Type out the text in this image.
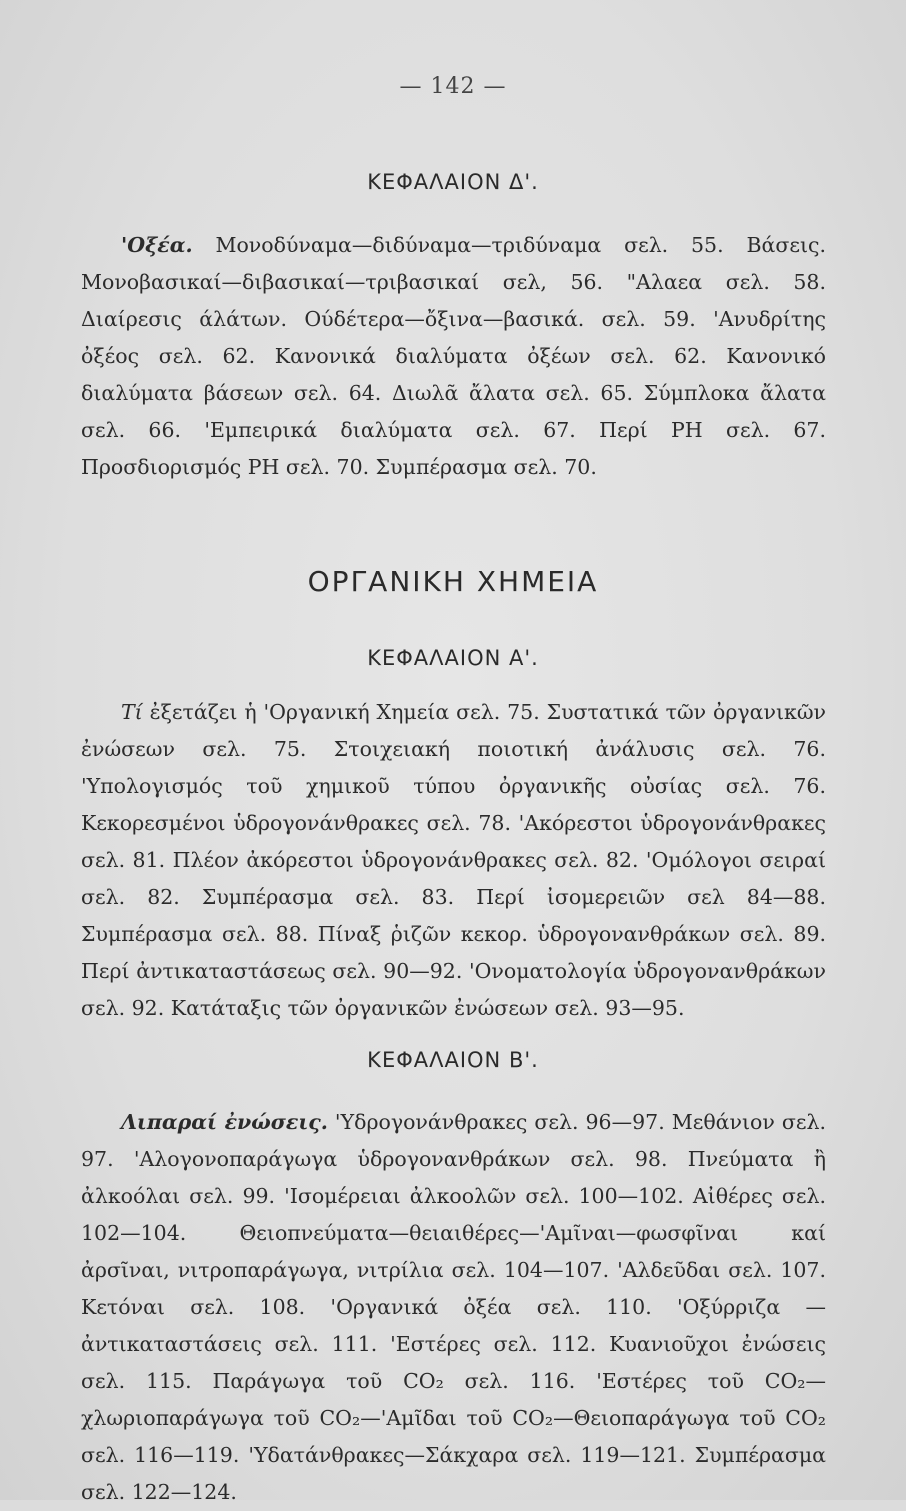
— 142 —
ΚΕΦΑΛΑΙΟΝ Δ'.

'Οξέα. Μονοδύναμα—διδύναμα—τριδύναμα σελ. 55. Βάσεις. Μονοβασικαί—διβασικαί—τριβασικαί σελ, 56. "Αλαεα σελ. 58. Διαίρεσις άλάτων. Ούδέτερα—ὄξινα—βασικά. σελ. 59. 'Ανυδρίτης ὀξέος σελ. 62. Κανονικά διαλύματα ὀξέων σελ. 62. Κανονικό διαλύματα βάσεων σελ. 64. Διωλᾶ ἄλατα σελ. 65. Σύμπλοκα ἄλατα σελ. 66. 'Εμπειρικά διαλύματα σελ. 67. Περί PH σελ. 67. Προσδιορισμός PH σελ. 70. Συμπέρασμα σελ. 70.

ΟΡΓΑΝΙΚΗ ΧΗΜΕΙΑ
ΚΕΦΑΛΑΙΟΝ Α'.

Τί ἐξετάζει ἡ 'Οργανική Χημεία σελ. 75. Συστατικά τῶν ὀργανικῶν ἐνώσεων σελ. 75. Στοιχειακή ποιοτική ἀνάλυσις σελ. 76. 'Υπολογισμός τοῦ χημικοῦ τύπου ὀργανικῆς οὐσίας σελ. 76. Κεκορεσμένοι ὑδρογονάνθρακες σελ. 78. 'Ακόρεστοι ὑδρογονάνθρακες σελ. 81. Πλέον ἀκόρεστοι ὑδρογονάνθρακες σελ. 82. 'Ομόλογοι σειραί σελ. 82. Συμπέρασμα σελ. 83. Περί ἰσομερειῶν σελ 84—88. Συμπέρασμα σελ. 88. Πίναξ ῥιζῶν κεκορ. ὑδρογονανθράκων σελ. 89. Περί ἀντικαταστάσεως σελ. 90—92. 'Ονοματολογία ὑδρογονανθράκων σελ. 92. Κατάταξις τῶν ὀργανικῶν ἐνώσεων σελ. 93—95.

ΚΕΦΑΛΑΙΟΝ Β'.

Λιπαραί ἐνώσεις. 'Υδρογονάνθρακες σελ. 96—97. Μεθάνιον σελ. 97. 'Αλογονοπαράγωγα ὑδρογονανθράκων σελ. 98. Πνεύματα ἢ ἀλκοόλαι σελ. 99. 'Ισομέρειαι ἀλκοολῶν σελ. 100—102. Αἰθέρες σελ. 102—104. Θειοπνεύματα—θειαιθέρες—'Αμῖναι—φωσφῖναι καί ἀρσῖναι, νιτροπαράγωγα, νιτρίλια σελ. 104—107. 'Αλδεῦδαι σελ. 107. Κετόναι σελ. 108. 'Οργανικά ὀξέα σελ. 110. 'Οξύρριζα — ἀντικαταστάσεις σελ. 111. 'Εστέρες σελ. 112. Κυανιοῦχοι ἐνώσεις σελ. 115. Παράγωγα τοῦ CO₂ σελ. 116. 'Εστέρες τοῦ CO₂—χλωριοπαράγωγα τοῦ CO₂—'Αμῖδαι τοῦ CO₂—Θειοπαράγωγα τοῦ CO₂ σελ. 116—119. 'Υδατάνθρακες—Σάκχαρα σελ. 119—121. Συμπέρασμα σελ. 122—124.
